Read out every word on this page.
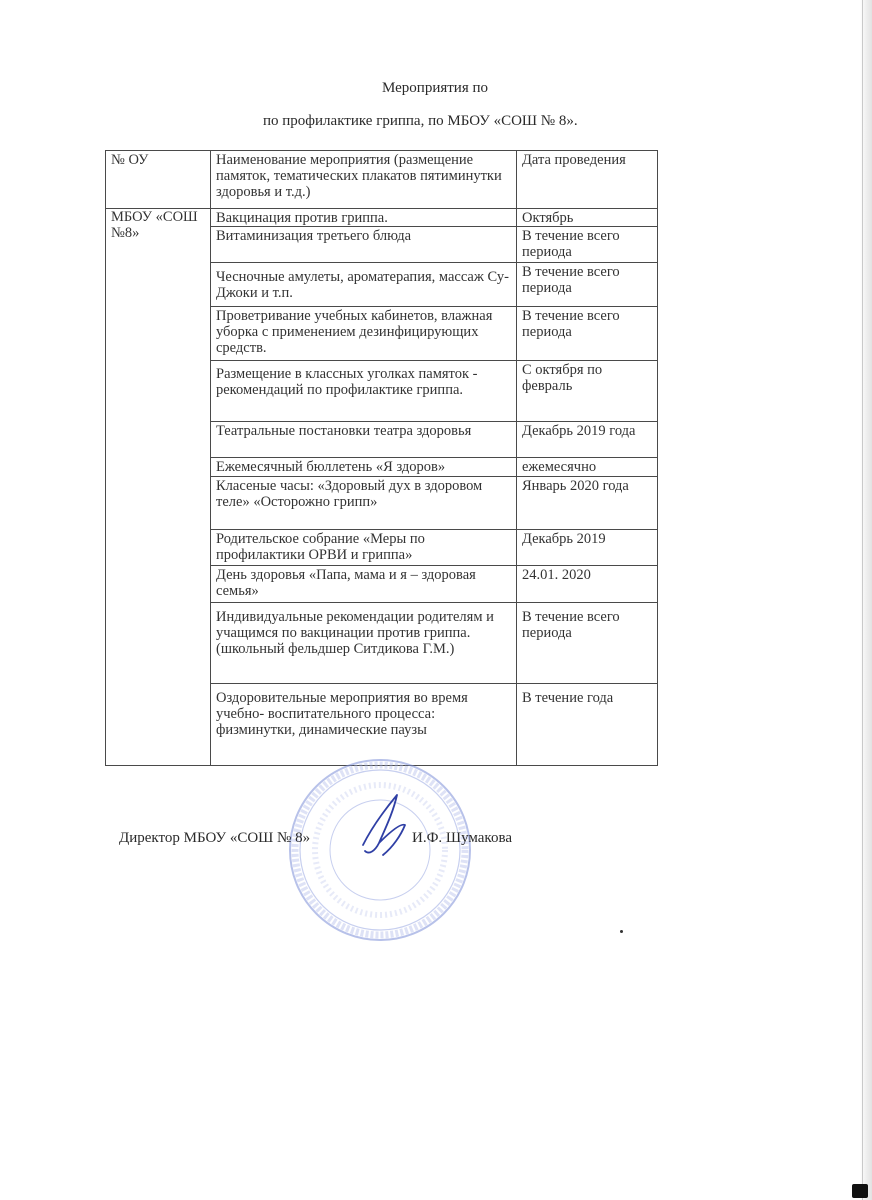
Мероприятия по
по профилактике гриппа, по МБОУ «СОШ № 8».
№ ОУ	Наименование мероприятия (размещение памяток, тематических плакатов пятиминутки здоровья и т.д.)	Дата проведения
МБОУ «СОШ №8»	Вакцинация против гриппа.	Октябрь
	Витаминизация третьего блюда	В течение всего периода
	Чесночные амулеты, ароматерапия, массаж Су- Джоки и т.п.	В течение всего периода
	Проветривание учебных кабинетов, влажная уборка с применением дезинфицирующих средств.	В течение всего периода
	Размещение в классных уголках памяток - рекомендаций по профилактике гриппа.	С октября по февраль
	Театральные постановки театра здоровья	Декабрь 2019 года
	Ежемесячный бюллетень «Я здоров»	ежемесячно
	Класеные часы: «Здоровый дух в здоровом теле» «Осторожно грипп»	Январь 2020 года
	Родительское собрание «Меры по профилактики ОРВИ и гриппа»	Декабрь 2019
	День здоровья «Папа, мама и я – здоровая семья»	24.01. 2020
	Индивидуальные рекомендации родителям и учащимся по вакцинации против гриппа. (школьный фельдшер Ситдикова Г.М.)	В течение всего периода
	Оздоровительные мероприятия во время учебно- воспитательного процесса: физминутки, динамические паузы	В течение года
Директор МБОУ «СОШ № 8»	И.Ф. Шумакова
